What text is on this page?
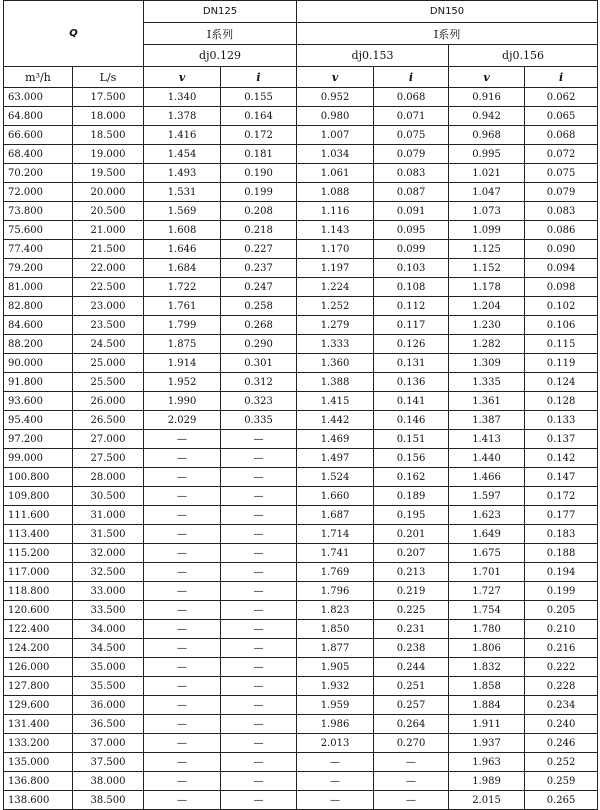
Q		DN125		DN150			
		Ⅰ系列		Ⅰ系列			
		dj0.129		dj0.153		dj0.156	
m³/h	L/s	v	i	v	i	v	i
63.000	17.500	1.340	0.155	0.952	0.068	0.916	0.062
64.800	18.000	1.378	0.164	0.980	0.071	0.942	0.065
66.600	18.500	1.416	0.172	1.007	0.075	0.968	0.068
68.400	19.000	1.454	0.181	1.034	0.079	0.995	0.072
70.200	19.500	1.493	0.190	1.061	0.083	1.021	0.075
72.000	20.000	1.531	0.199	1.088	0.087	1.047	0.079
73.800	20.500	1.569	0.208	1.116	0.091	1.073	0.083
75.600	21.000	1.608	0.218	1.143	0.095	1.099	0.086
77.400	21.500	1.646	0.227	1.170	0.099	1.125	0.090
79.200	22.000	1.684	0.237	1.197	0.103	1.152	0.094
81.000	22.500	1.722	0.247	1.224	0.108	1.178	0.098
82.800	23.000	1.761	0.258	1.252	0.112	1.204	0.102
84.600	23.500	1.799	0.268	1.279	0.117	1.230	0.106
88.200	24.500	1.875	0.290	1.333	0.126	1.282	0.115
90.000	25.000	1.914	0.301	1.360	0.131	1.309	0.119
91.800	25.500	1.952	0.312	1.388	0.136	1.335	0.124
93.600	26.000	1.990	0.323	1.415	0.141	1.361	0.128
95.400	26.500	2.029	0.335	1.442	0.146	1.387	0.133
97.200	27.000	—	—	1.469	0.151	1.413	0.137
99.000	27.500	—	—	1.497	0.156	1.440	0.142
100.800	28.000	—	—	1.524	0.162	1.466	0.147
109.800	30.500	—	—	1.660	0.189	1.597	0.172
111.600	31.000	—	—	1.687	0.195	1.623	0.177
113.400	31.500	—	—	1.714	0.201	1.649	0.183
115.200	32.000	—	—	1.741	0.207	1.675	0.188
117.000	32.500	—	—	1.769	0.213	1.701	0.194
118.800	33.000	—	—	1.796	0.219	1.727	0.199
120.600	33.500	—	—	1.823	0.225	1.754	0.205
122.400	34.000	—	—	1.850	0.231	1.780	0.210
124.200	34.500	—	—	1.877	0.238	1.806	0.216
126.000	35.000	—	—	1.905	0.244	1.832	0.222
127.800	35.500	—	—	1.932	0.251	1.858	0.228
129.600	36.000	—	—	1.959	0.257	1.884	0.234
131.400	36.500	—	—	1.986	0.264	1.911	0.240
133.200	37.000	—	—	2.013	0.270	1.937	0.246
135.000	37.500	—	—	—	—	1.963	0.252
136.800	38.000	—	—	—	—	1.989	0.259
138.600	38.500	—	—	—	—	2.015	0.265
